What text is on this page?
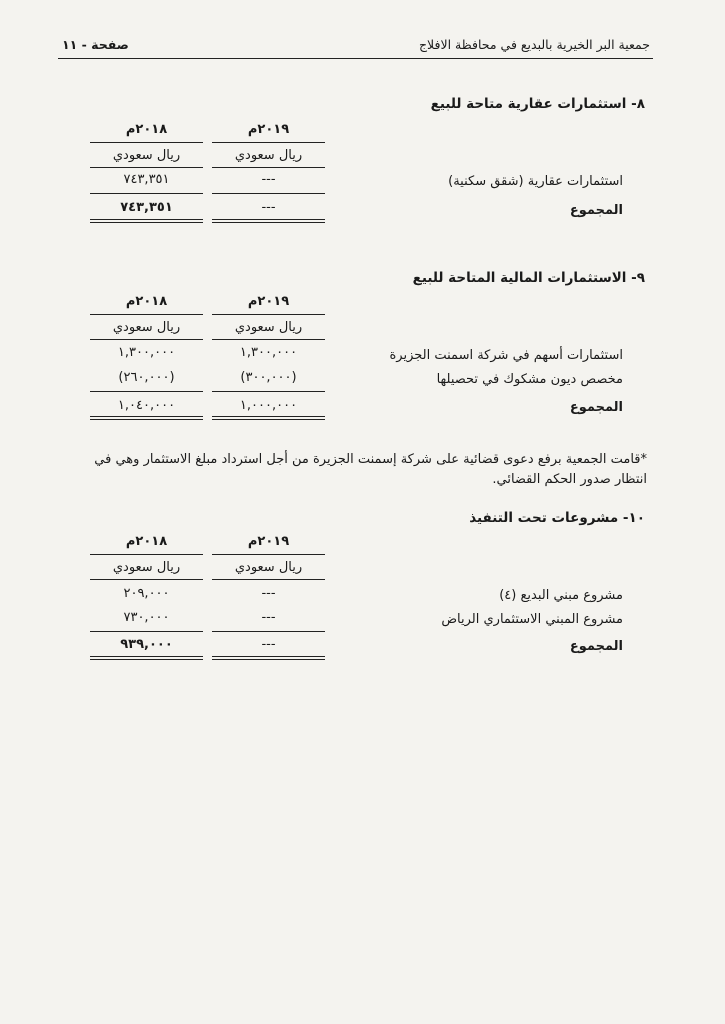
جمعية البر الخيرية بالبديع في محافظة الافلاج
صفحة - ١١
٨- استثمارات عقارية متاحة للبيع
٢٠١٩م
٢٠١٨م
ريال سعودي
ريال سعودي
استثمارات عقارية (شقق سكنية)
---
٧٤٣,٣٥١
المجموع
---
٧٤٣,٣٥١
٩- الاستثمارات المالية المتاحة للبيع
٢٠١٩م
٢٠١٨م
ريال سعودي
ريال سعودي
استثمارات أسهم في شركة اسمنت الجزيرة
١,٣٠٠,٠٠٠
١,٣٠٠,٠٠٠
مخصص ديون مشكوك في تحصيلها
(٣٠٠,٠٠٠)
(٢٦٠,٠٠٠)
المجموع
١,٠٠٠,٠٠٠
١,٠٤٠,٠٠٠
*قامت الجمعية برفع دعوى قضائية على شركة إسمنت الجزيرة من أجل استرداد مبلغ الاستثمار وهي في
انتظار صدور الحكم القضائي.
١٠- مشروعات تحت التنفيذ
٢٠١٩م
٢٠١٨م
ريال سعودي
ريال سعودي
مشروع مبني البديع (٤)
---
٢٠٩,٠٠٠
مشروع المبني الاستثماري الرياض
---
٧٣٠,٠٠٠
المجموع
---
٩٣٩,٠٠٠
